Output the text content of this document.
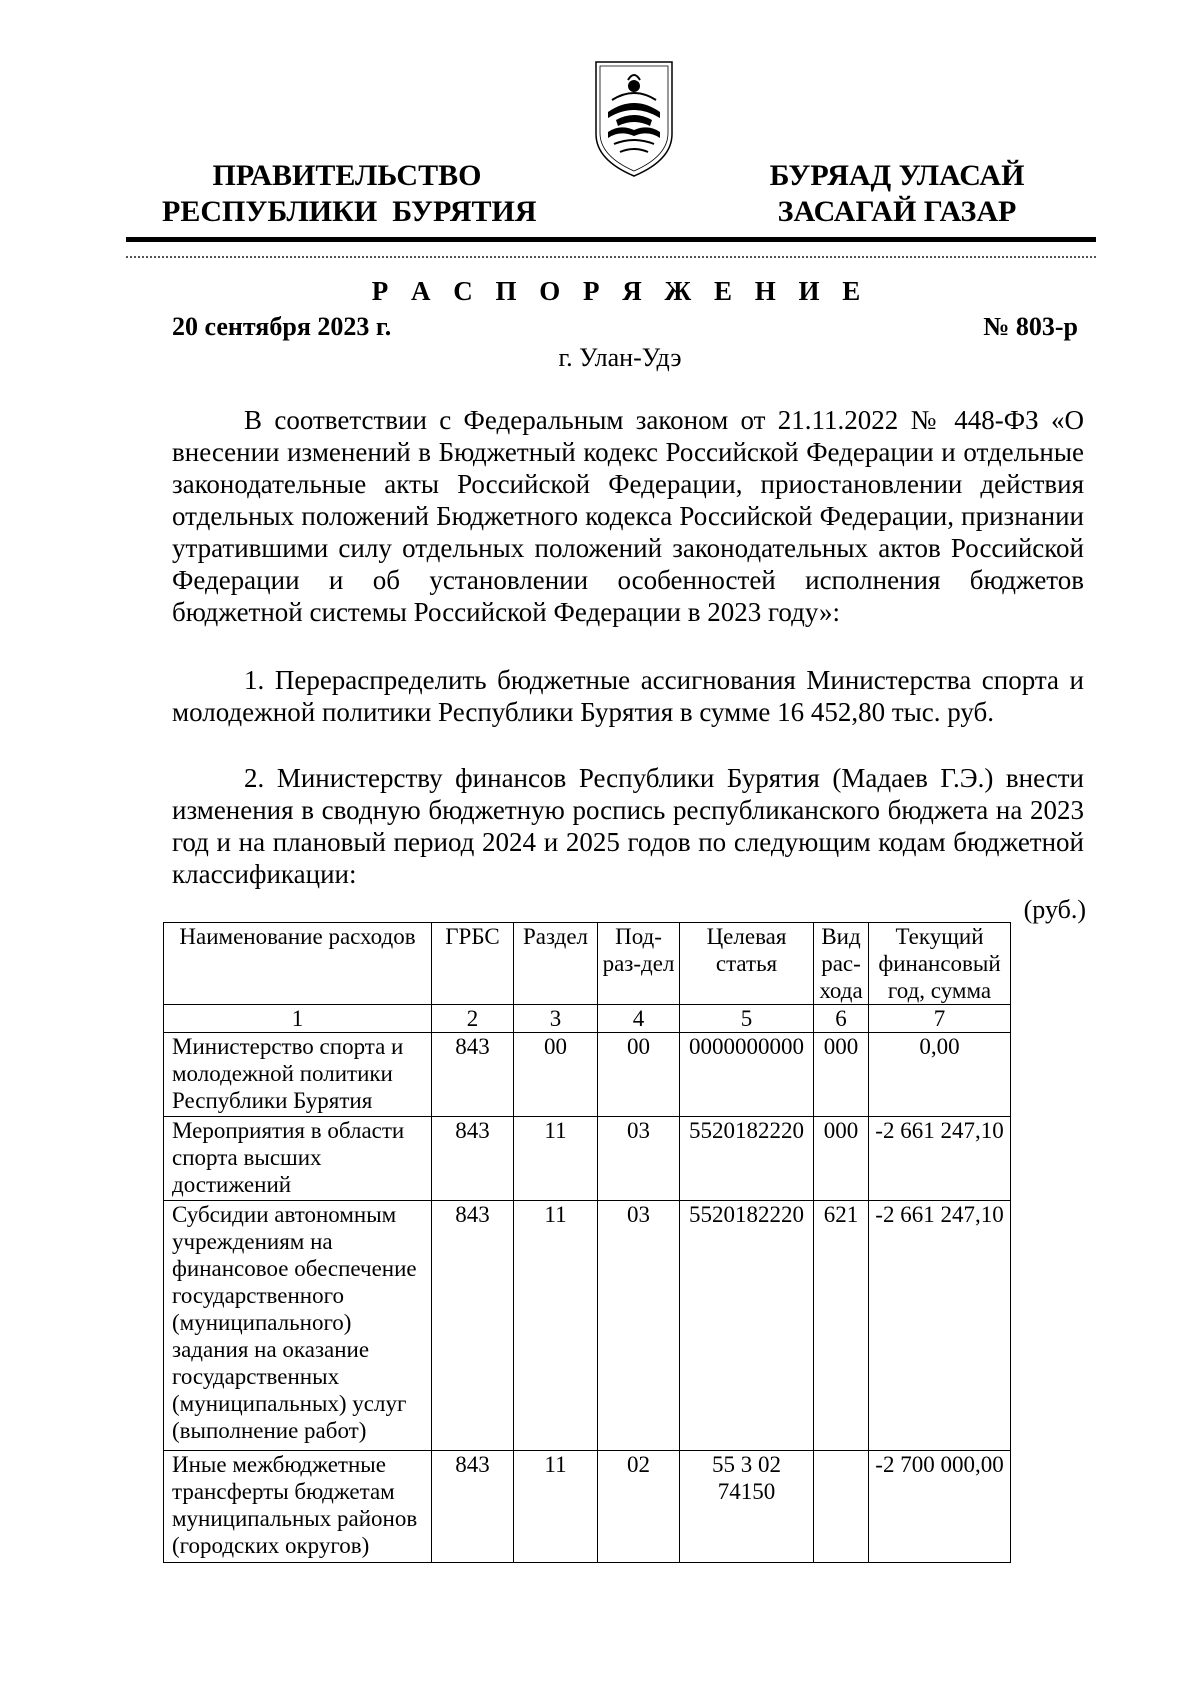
ПРАВИТЕЛЬСТВО
РЕСПУБЛИКИ  БУРЯТИЯ
БУРЯАД УЛАСАЙ
ЗАСАГАЙ ГАЗАР
Р А С П О Р Я Ж Е Н И Е
20 сентября 2023 г.	№ 803-р
г. Улан-Удэ

В соответствии с Федеральным законом от 21.11.2022 № 448-ФЗ «О внесении изменений в Бюджетный кодекс Российской Федерации и отдельные законодательные акты Российской Федерации, приостановлении действия отдельных положений Бюджетного кодекса Российской Федерации, признании утратившими силу отдельных положений законодательных актов Российской Федерации и об установлении особенностей исполнения бюджетов бюджетной системы Российской Федерации в 2023 году»:

1. Перераспределить бюджетные ассигнования Министерства спорта и молодежной политики Республики Бурятия в сумме 16 452,80 тыс. руб.

2. Министерству финансов Республики Бурятия (Мадаев Г.Э.) внести изменения в сводную бюджетную роспись республиканского бюджета на 2023 год и на плановый период 2024 и 2025 годов по следующим кодам бюджетной классификации:

(руб.)
Наименование расходов	ГРБС	Раздел	Под-раз-дел	Целевая статья	Вид рас-хода	Текущий финансовый год, сумма
1	2	3	4	5	6	7
Министерство спорта и молодежной политики Республики Бурятия	843	00	00	0000000000	000	0,00
Мероприятия в области спорта высших достижений	843	11	03	5520182220	000	-2 661 247,10
Субсидии автономным учреждениям на финансовое обеспечение государственного (муниципального) задания на оказание государственных (муниципальных) услуг (выполнение работ)	843	11	03	5520182220	621	-2 661 247,10
Иные межбюджетные трансферты бюджетам муниципальных районов (городских округов)	843	11	02	55 3 02 74150		-2 700 000,00
